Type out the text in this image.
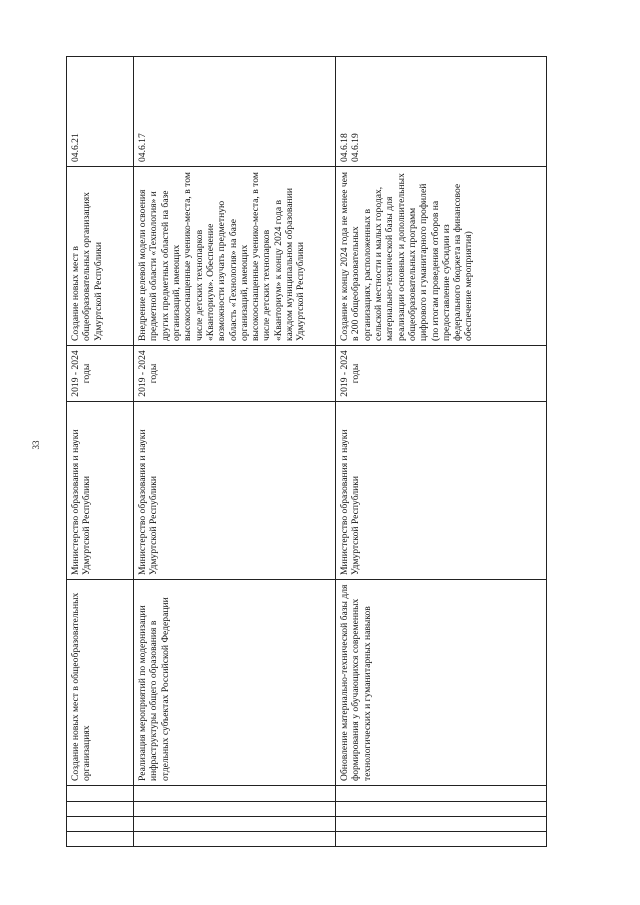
33
				Создание новых мест в общеобразовательных организациях	Министерство образования и науки Удмуртской Республики	2019 - 2024 годы	Создание новых мест в общеобразовательных организациях Удмуртской Республики	04.6.21
				Реализация мероприятий по модернизации инфраструктуры общего образования в отдельных субъектах Российской Федерации	Министерство образования и науки Удмуртской Республики	2019 - 2024 годы	Внедрение целевой модели освоения предметной области «Технология» и других предметных областей на базе организаций, имеющих высокооснащенные ученико-места, в том числе детских технопарков «Кванториум». Обеспечение возможности изучать предметную область «Технология» на базе организаций, имеющих высокооснащенные ученико-места, в том числе детских технопарков «Кванториум» к концу 2024 года в каждом муниципальном образовании Удмуртской Республики	04.6.17
				Обновление материально-технической базы для формирования у обучающихся современных технологических и гуманитарных навыков	Министерство образования и науки Удмуртской Республики	2019 - 2024 годы	Создание к концу 2024 года не менее чем в 200 общеобразовательных организациях, расположенных в сельской местности и малых городах, материально-технической базы для реализации основных и дополнительных общеобразовательных программ цифрового и гуманитарного профилей (по итогам проведения отборов на предоставление субсидии из федерального бюджета на финансовое обеспечение мероприятия)	04.6.18
04.6.19
